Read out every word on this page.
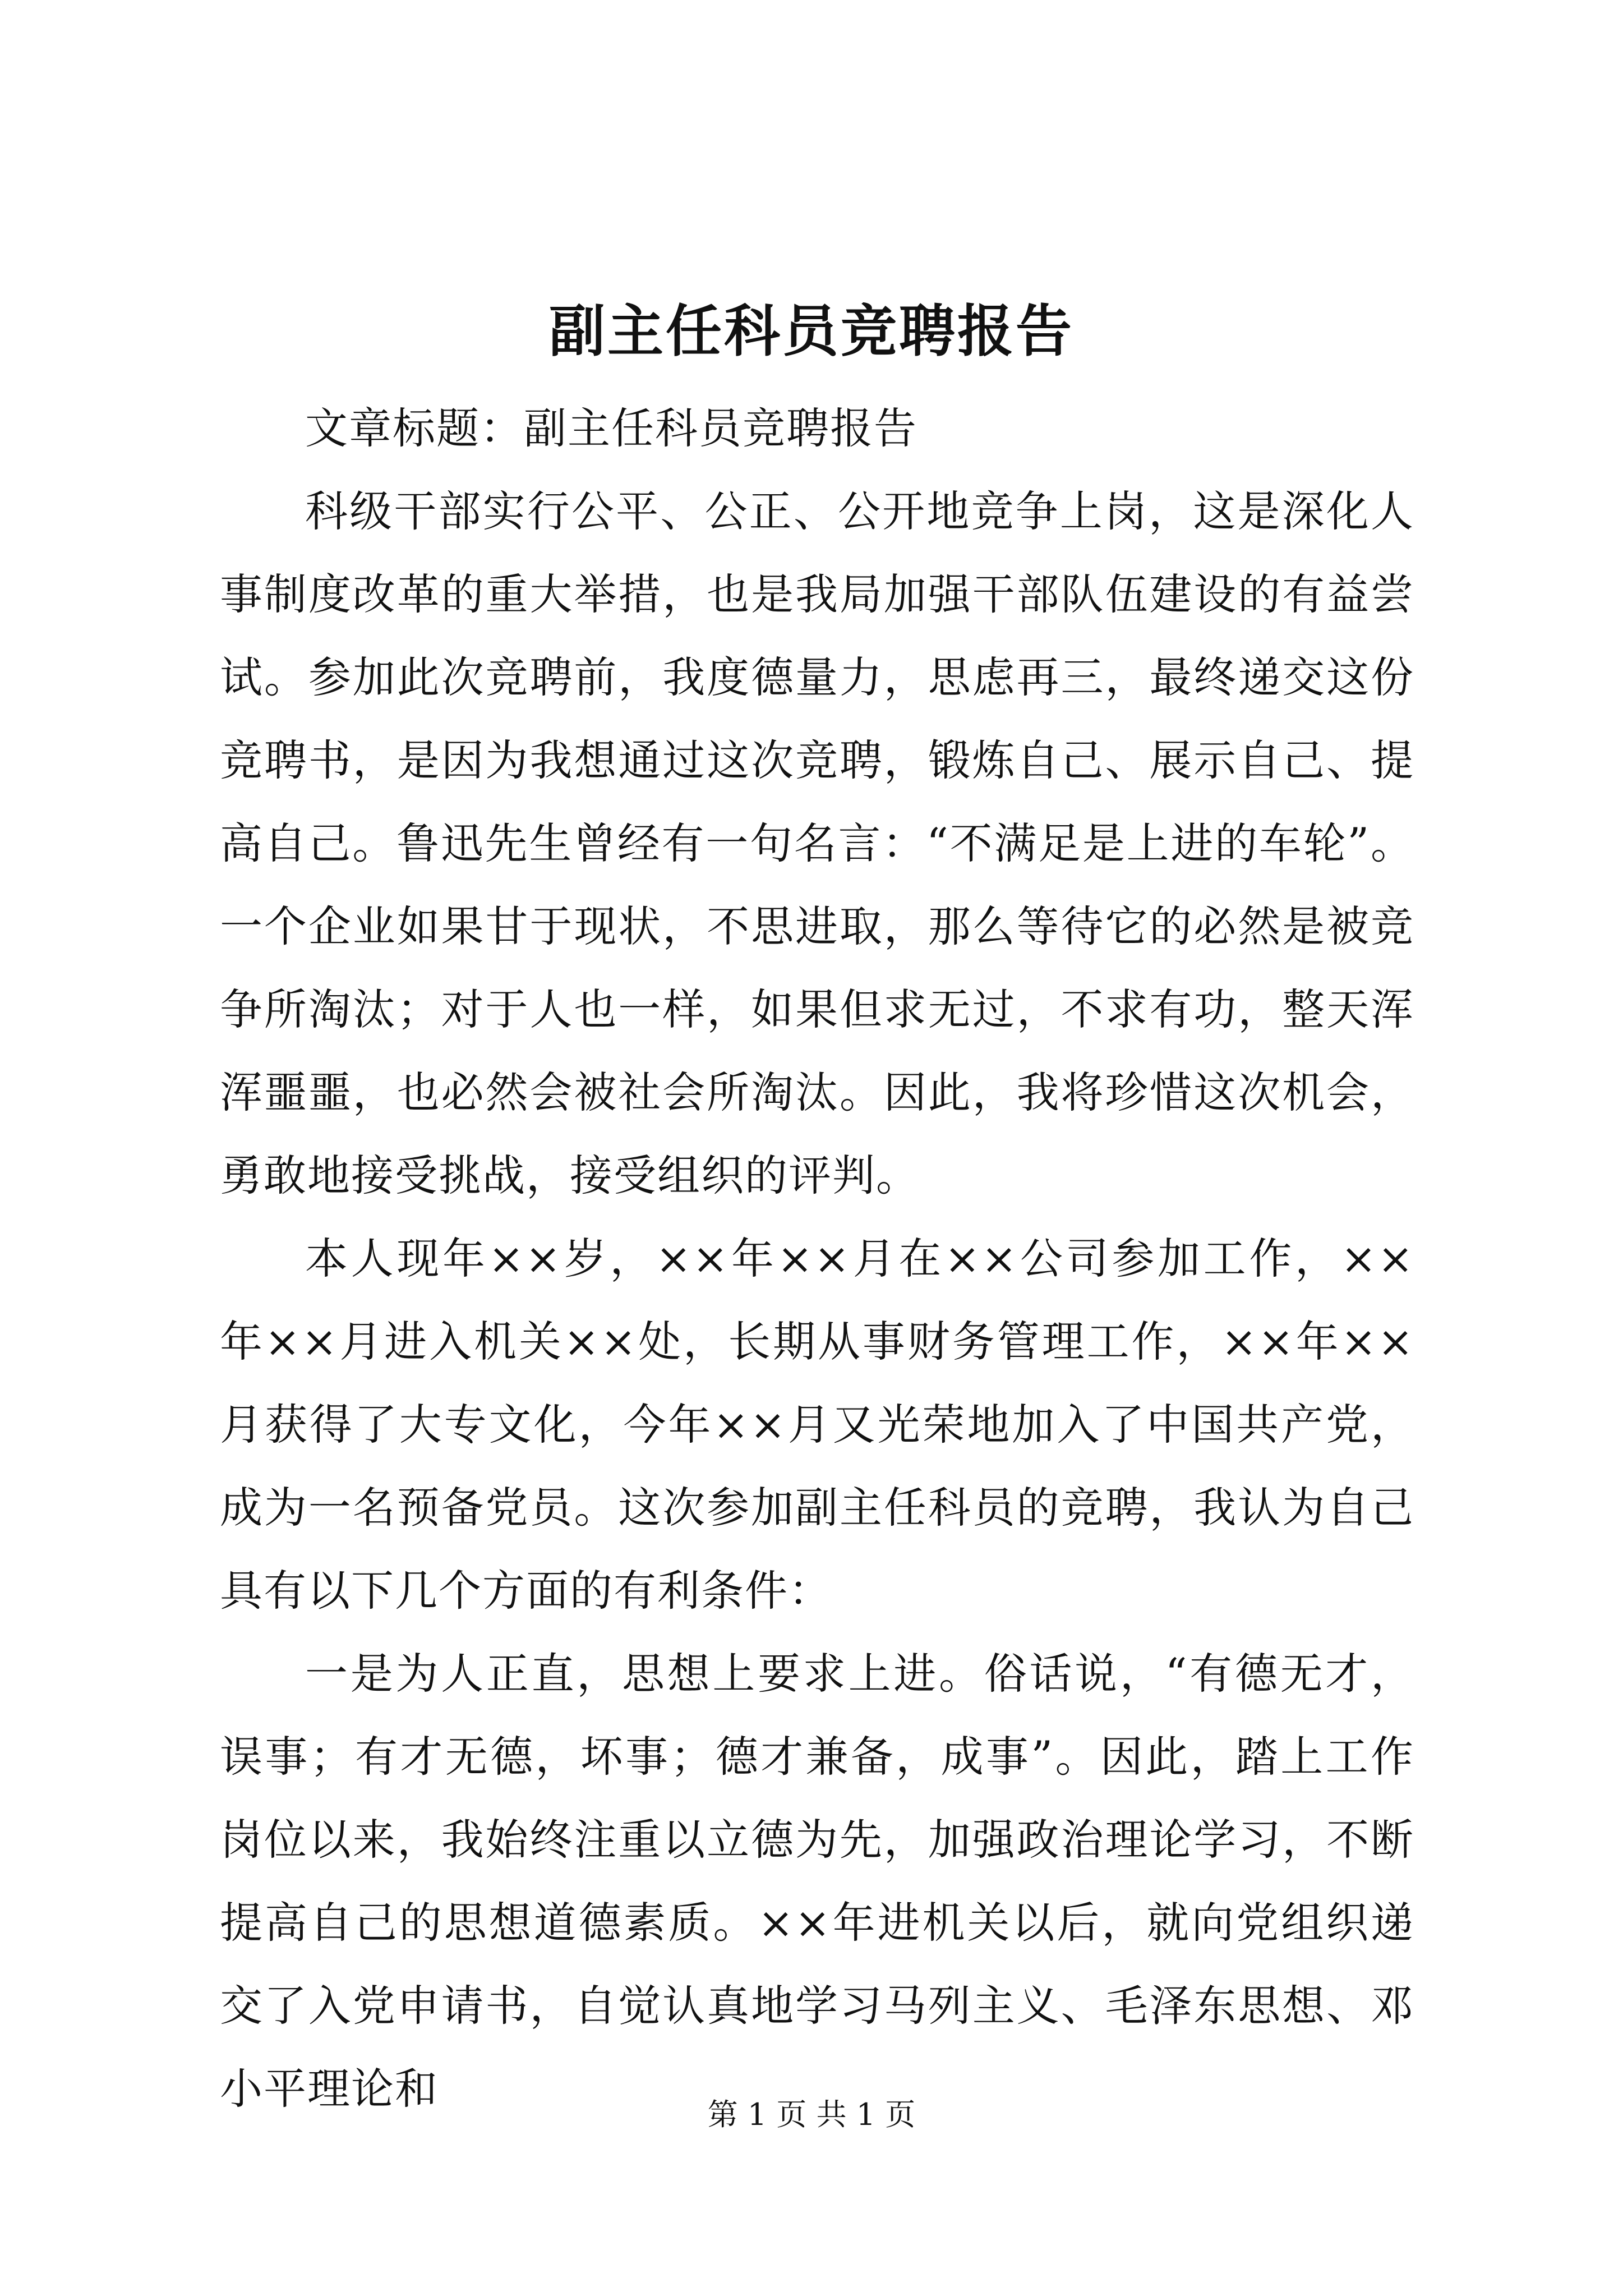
副主任科员竞聘报告

文章标题：副主任科员竞聘报告

科级干部实行公平、公正、公开地竞争上岗，这是深化人事制度改革的重大举措，也是我局加强干部队伍建设的有益尝试。参加此次竞聘前，我度德量力，思虑再三，最终递交这份竞聘书，是因为我想通过这次竞聘，锻炼自己、展示自己、提高自己。鲁迅先生曾经有一句名言：“不满足是上进的车轮”。一个企业如果甘于现状，不思进取，那么等待它的必然是被竞争所淘汰；对于人也一样，如果但求无过，不求有功，整天浑浑噩噩，也必然会被社会所淘汰。因此，我将珍惜这次机会，勇敢地接受挑战，接受组织的评判。

本人现年××岁，××年××月在××公司参加工作，××年××月进入机关××处，长期从事财务管理工作，××年××月获得了大专文化，今年××月又光荣地加入了中国共产党，成为一名预备党员。这次参加副主任科员的竞聘，我认为自己具有以下几个方面的有利条件：

一是为人正直，思想上要求上进。俗话说，“有德无才，误事；有才无德，坏事；德才兼备，成事”。因此，踏上工作岗位以来，我始终注重以立德为先，加强政治理论学习，不断提高自己的思想道德素质。××年进机关以后，就向党组织递交了入党申请书，自觉认真地学习马列主义、毛泽东思想、邓小平理论和

第 1 页 共 1 页
